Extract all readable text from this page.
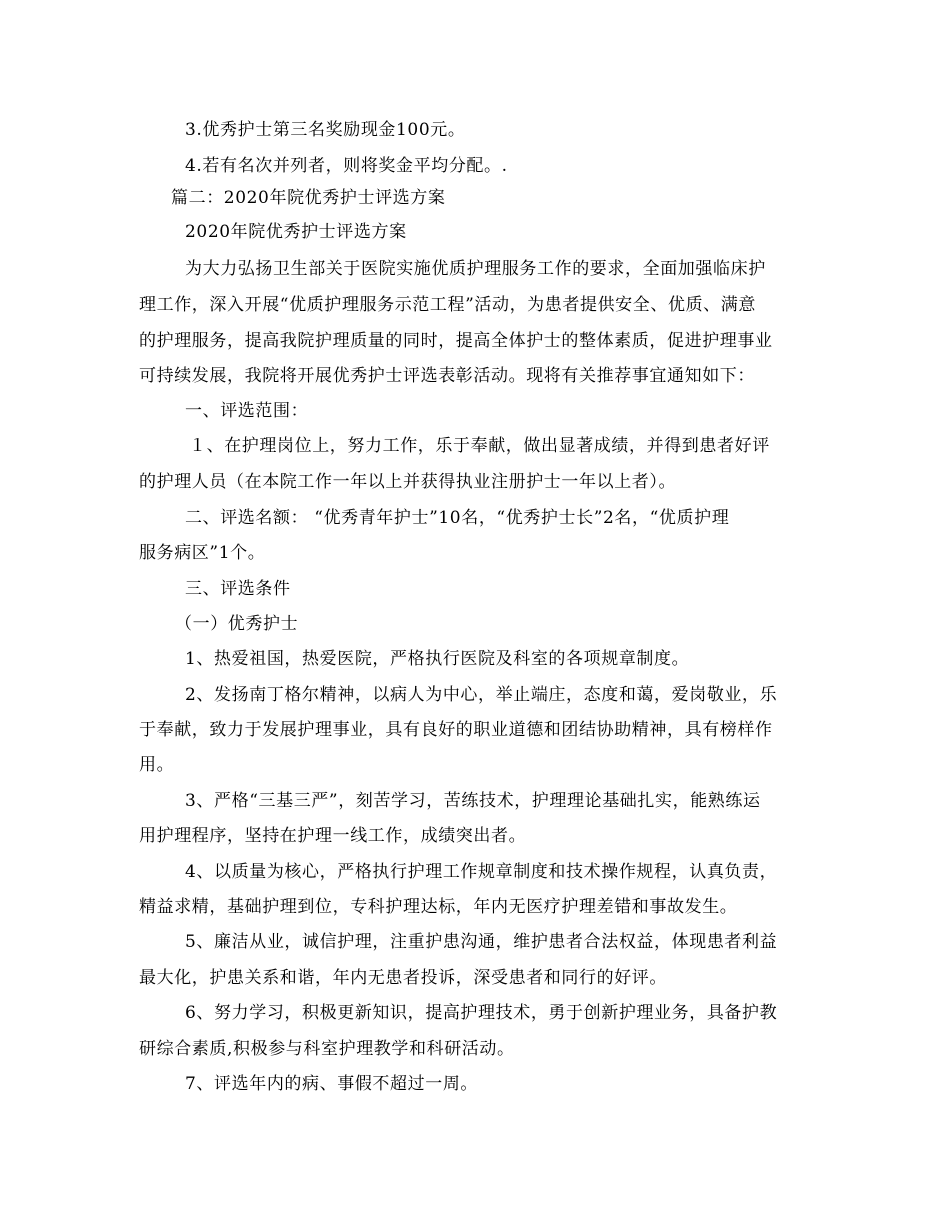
3.优秀护士第三名奖励现金100元。
4.若有名次并列者，则将奖金平均分配。.
篇二：2020年院优秀护士评选方案
2020年院优秀护士评选方案
为大力弘扬卫生部关于医院实施优质护理服务工作的要求，全面加强临床护
理工作，深入开展“优质护理服务示范工程”活动，为患者提供安全、优质、满意
的护理服务，提高我院护理质量的同时，提高全体护士的整体素质，促进护理事业
可持续发展，我院将开展优秀护士评选表彰活动。现将有关推荐事宜通知如下：
一、评选范围：
１、在护理岗位上，努力工作，乐于奉献，做出显著成绩，并得到患者好评
的护理人员（在本院工作一年以上并获得执业注册护士一年以上者）。
二、评选名额： “优秀青年护士”10名，“优秀护士长”2名，“优质护理
服务病区”1个。
三、评选条件
（一）优秀护士
1、热爱祖国，热爱医院，严格执行医院及科室的各项规章制度。
2、发扬南丁格尔精神，以病人为中心，举止端庄，态度和蔼，爱岗敬业，乐
于奉献，致力于发展护理事业，具有良好的职业道德和团结协助精神，具有榜样作
用。
3、严格“三基三严”，刻苦学习，苦练技术，护理理论基础扎实，能熟练运
用护理程序，坚持在护理一线工作，成绩突出者。
4、以质量为核心，严格执行护理工作规章制度和技术操作规程，认真负责，
精益求精，基础护理到位，专科护理达标，年内无医疗护理差错和事故发生。
5、廉洁从业，诚信护理，注重护患沟通，维护患者合法权益，体现患者利益
最大化，护患关系和谐，年内无患者投诉，深受患者和同行的好评。
6、努力学习，积极更新知识，提高护理技术，勇于创新护理业务，具备护教
研综合素质,积极参与科室护理教学和科研活动。
7、评选年内的病、事假不超过一周。
